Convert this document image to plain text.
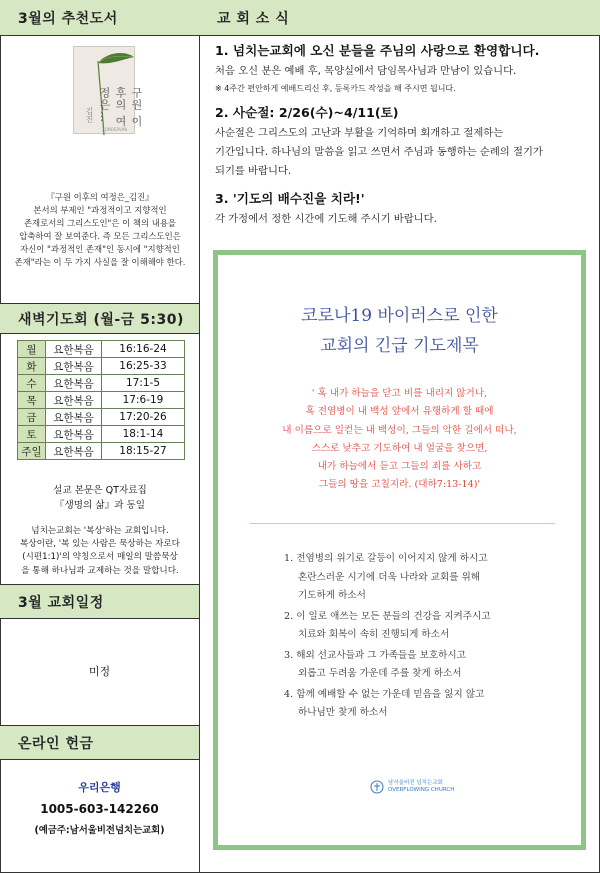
3월의 추천도서
구원 이후의 여정은…
김진
ZONDERVAN
『구원 이후의 여정은_김진』
본서의 부제인 "과정적이고 지향적인
존재로서의 그리스도인"은 이 책의 내용을
압축하여 잘 보여준다. 즉 모든 그리스도인은
자신이 "과정적인 존재"인 동시에 "지향적인
존재"라는 이 두 가지 사실을 잘 이해해야 한다.
새벽기도회 (월-금 5:30)
월	요한복음	16:16-24
화	요한복음	16:25-33
수	요한복음	17:1-5
목	요한복음	17:6-19
금	요한복음	17:20-26
토	요한복음	18:1-14
주일	요한복음	18:15-27
설교 본문은 QT자료집
『생명의 삶』과 동일
넘치는교회는 '복상'하는 교회입니다.
복상이란, '복 있는 사람은 묵상하는 자로다
(시편1:1)'의 약칭으로서 매일의 말씀묵상
을 통해 하나님과 교제하는 것을 말합니다.
3월 교회일정
미정
온라인 헌금
우리은행
1005-603-142260
(예금주:남서울비전넘치는교회)
교 회 소 식
1. 넘치는교회에 오신 분들을 주님의 사랑으로 환영합니다.

처음 오신 분은 예배 후, 목양실에서 담임목사님과 만남이 있습니다.

※ 4주간 편안하게 예배드리신 후, 등록카드 작성을 해 주시면 됩니다.

2. 사순절: 2/26(수)~4/11(토)

사순절은 그리스도의 고난과 부활을 기억하며 회개하고 절제하는

기간입니다. 하나님의 말씀을 읽고 쓰면서 주님과 동행하는 순례의 절기가

되기를 바랍니다.

3. '기도의 배수진을 치라!'

각 가정에서 정한 시간에 기도해 주시기 바랍니다.

코로나19 바이러스로 인한
교회의 긴급 기도제목
' 혹 내가 하늘을 닫고 비를 내리지 않거나,
혹 전염병이 내 백성 앞에서 유행하게 할 때에
내 이름으로 일컫는 내 백성이, 그들의 악한 길에서 떠나,
스스로 낮추고 기도하여 내 얼굴을 찾으면,
내가 하늘에서 듣고 그들의 죄를 사하고
그들의 땅을 고칠지라. (대하7:13-14)'
1. 전염병의 위기로 갈등이 이어지지 않게 하시고
혼란스러운 시기에 더욱 나라와 교회를 위해
기도하게 하소서
2. 이 일로 애쓰는 모든 분들의 건강을 지켜주시고
치료와 회복이 속히 진행되게 하소서
3. 해외 선교사들과 그 가족들을 보호하시고
외롭고 두려움 가운데 주를 찾게 하소서
4. 함께 예배할 수 없는 가운데 믿음을 잃지 않고
하나님만 찾게 하소서
남서울비전 넘치는교회
OVERFLOWING CHURCH
